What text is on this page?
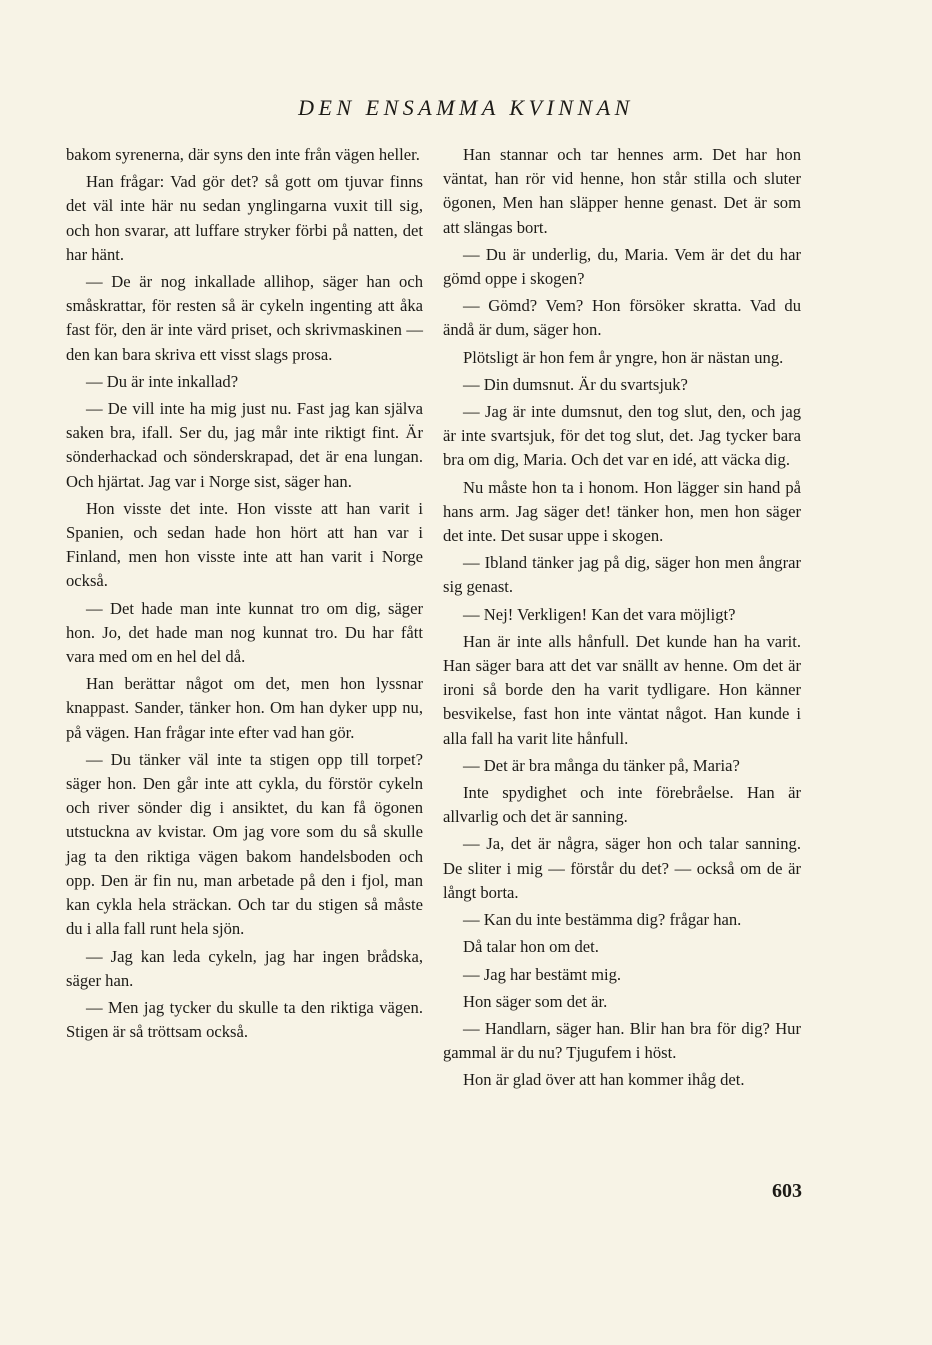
DEN ENSAMMA KVINNAN

bakom syrenerna, där syns den inte från vägen heller.

Han frågar: Vad gör det? så gott om tjuvar finns det väl inte här nu sedan ynglingarna vuxit till sig, och hon svarar, att luffare stryker förbi på natten, det har hänt.

— De är nog inkallade allihop, säger han och småskrattar, för resten så är cykeln ingenting att åka fast för, den är inte värd priset, och skrivmaskinen — den kan bara skriva ett visst slags prosa.

— Du är inte inkallad?

— De vill inte ha mig just nu. Fast jag kan själva saken bra, ifall. Ser du, jag mår inte riktigt fint. Är sönderhackad och sönderskrapad, det är ena lungan. Och hjärtat. Jag var i Norge sist, säger han.

Hon visste det inte. Hon visste att han varit i Spanien, och sedan hade hon hört att han var i Finland, men hon visste inte att han varit i Norge också.

— Det hade man inte kunnat tro om dig, säger hon. Jo, det hade man nog kunnat tro. Du har fått vara med om en hel del då.

Han berättar något om det, men hon lyssnar knappast. Sander, tänker hon. Om han dyker upp nu, på vägen. Han frågar inte efter vad han gör.

— Du tänker väl inte ta stigen opp till torpet? säger hon. Den går inte att cykla, du förstör cykeln och river sönder dig i ansiktet, du kan få ögonen utstuckna av kvistar. Om jag vore som du så skulle jag ta den riktiga vägen bakom handelsboden och opp. Den är fin nu, man arbetade på den i fjol, man kan cykla hela sträckan. Och tar du stigen så måste du i alla fall runt hela sjön.

— Jag kan leda cykeln, jag har ingen brådska, säger han.

— Men jag tycker du skulle ta den riktiga vägen. Stigen är så tröttsam också.

Han stannar och tar hennes arm. Det har hon väntat, han rör vid henne, hon står stilla och sluter ögonen, Men han släpper henne genast. Det är som att slängas bort.

— Du är underlig, du, Maria. Vem är det du har gömd oppe i skogen?

— Gömd? Vem? Hon försöker skratta. Vad du ändå är dum, säger hon.

Plötsligt är hon fem år yngre, hon är nästan ung.

— Din dumsnut. Är du svartsjuk?

— Jag är inte dumsnut, den tog slut, den, och jag är inte svartsjuk, för det tog slut, det. Jag tycker bara bra om dig, Maria. Och det var en idé, att väcka dig.

Nu måste hon ta i honom. Hon lägger sin hand på hans arm. Jag säger det! tänker hon, men hon säger det inte. Det susar uppe i skogen.

— Ibland tänker jag på dig, säger hon men ångrar sig genast.

— Nej! Verkligen! Kan det vara möjligt?

Han är inte alls hånfull. Det kunde han ha varit. Han säger bara att det var snällt av henne. Om det är ironi så borde den ha varit tydligare. Hon känner besvikelse, fast hon inte väntat något. Han kunde i alla fall ha varit lite hånfull.

— Det är bra många du tänker på, Maria?

Inte spydighet och inte förebråelse. Han är allvarlig och det är sanning.

— Ja, det är några, säger hon och talar sanning. De sliter i mig — förstår du det? — också om de är långt borta.

— Kan du inte bestämma dig? frågar han.

Då talar hon om det.

— Jag har bestämt mig.

Hon säger som det är.

— Handlarn, säger han. Blir han bra för dig? Hur gammal är du nu? Tjugufem i höst.

Hon är glad över att han kommer ihåg det.

603
